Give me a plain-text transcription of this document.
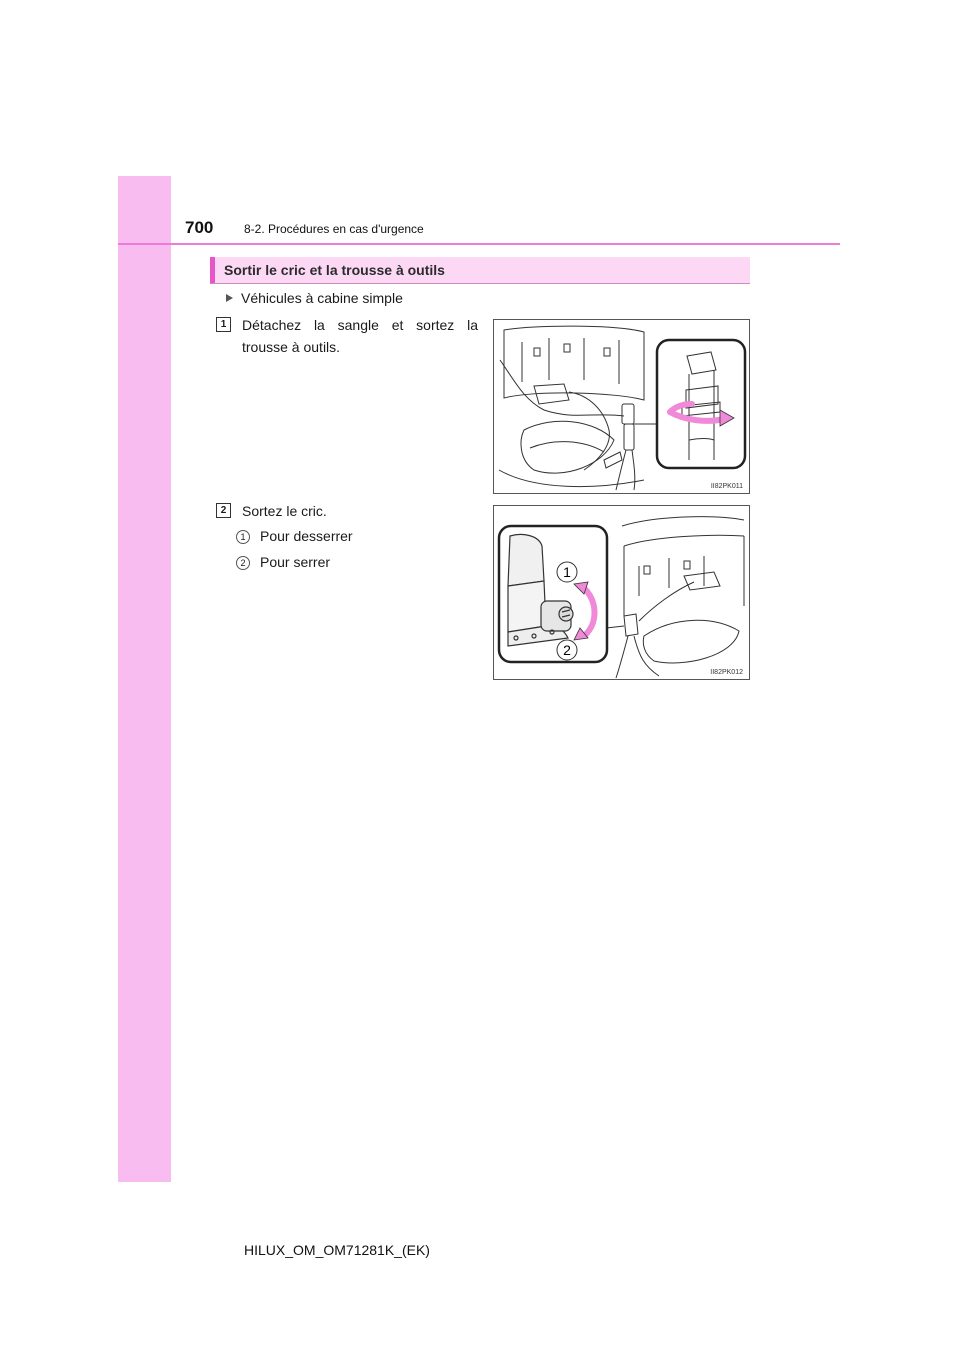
700	8-2. Procédures en cas d'urgence
Sortir le cric et la trousse à outils
Véhicules à cabine simple
1	Détachez la sangle et sortez la trousse à outils.
II82PK011
2	Sortez le cric.
1 Pour desserrer
2 Pour serrer
1
2
II82PK012
HILUX_OM_OM71281K_(EK)
